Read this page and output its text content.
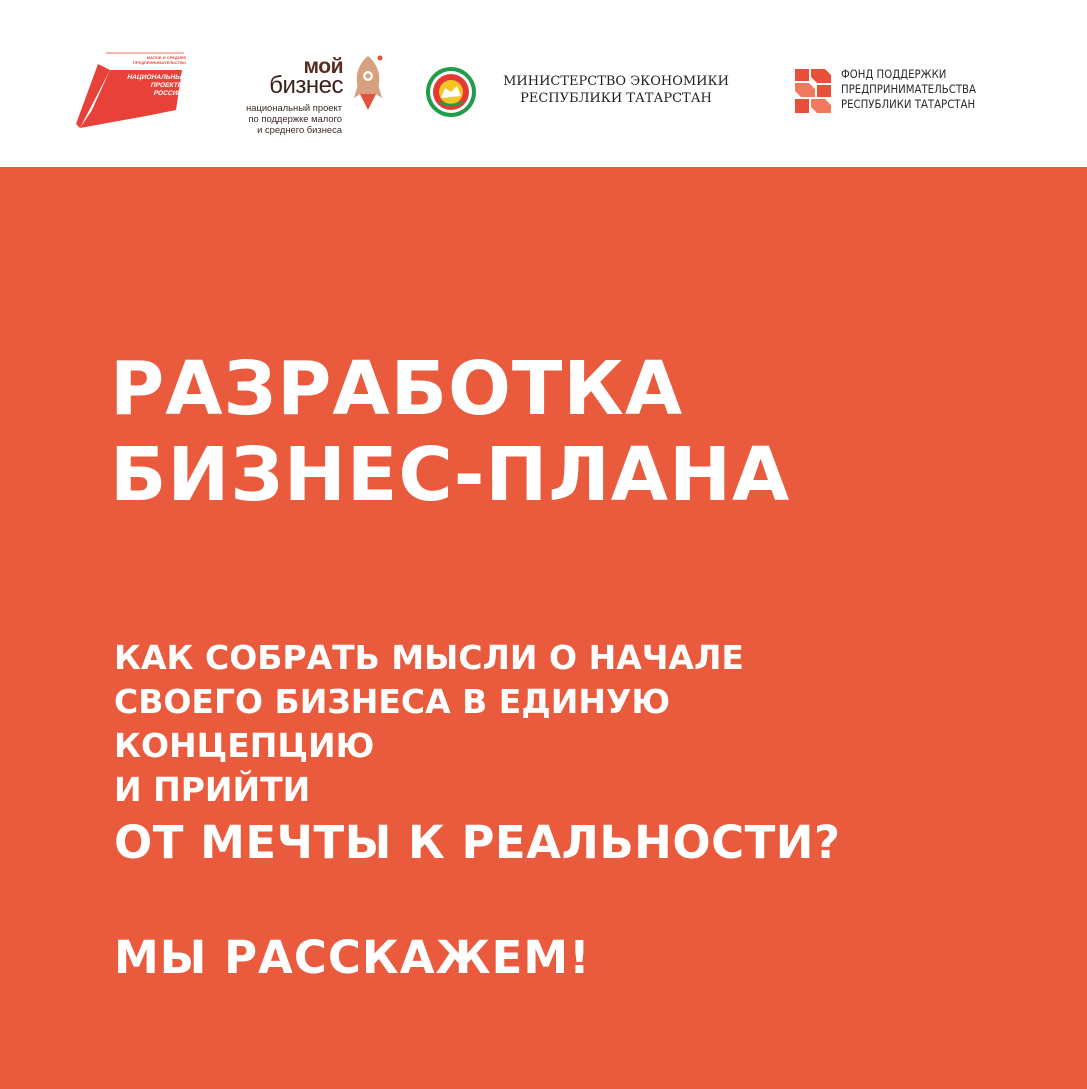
МАЛОЕ И СРЕДНЕЕ
ПРЕДПРИНИМАТЕЛЬСТВО
НАЦИОНАЛЬНЫЕ
ПРОЕКТЫ
РОССИИ
мой
бизнес
национальный проект
по поддержке малого
и среднего бизнеса
МИНИСТЕРСТВО ЭКОНОМИКИ
РЕСПУБЛИКИ ТАТАРСТАН
ФОНД ПОДДЕРЖКИ
ПРЕДПРИНИМАТЕЛЬСТВА
РЕСПУБЛИКИ ТАТАРСТАН
РАЗРАБОТКА
БИЗНЕС-ПЛАНА
КАК СОБРАТЬ МЫСЛИ О НАЧАЛЕ
СВОЕГО БИЗНЕСА В ЕДИНУЮ
КОНЦЕПЦИЮ
И ПРИЙТИ
ОТ МЕЧТЫ К РЕАЛЬНОСТИ?

МЫ РАССКАЖЕМ!
